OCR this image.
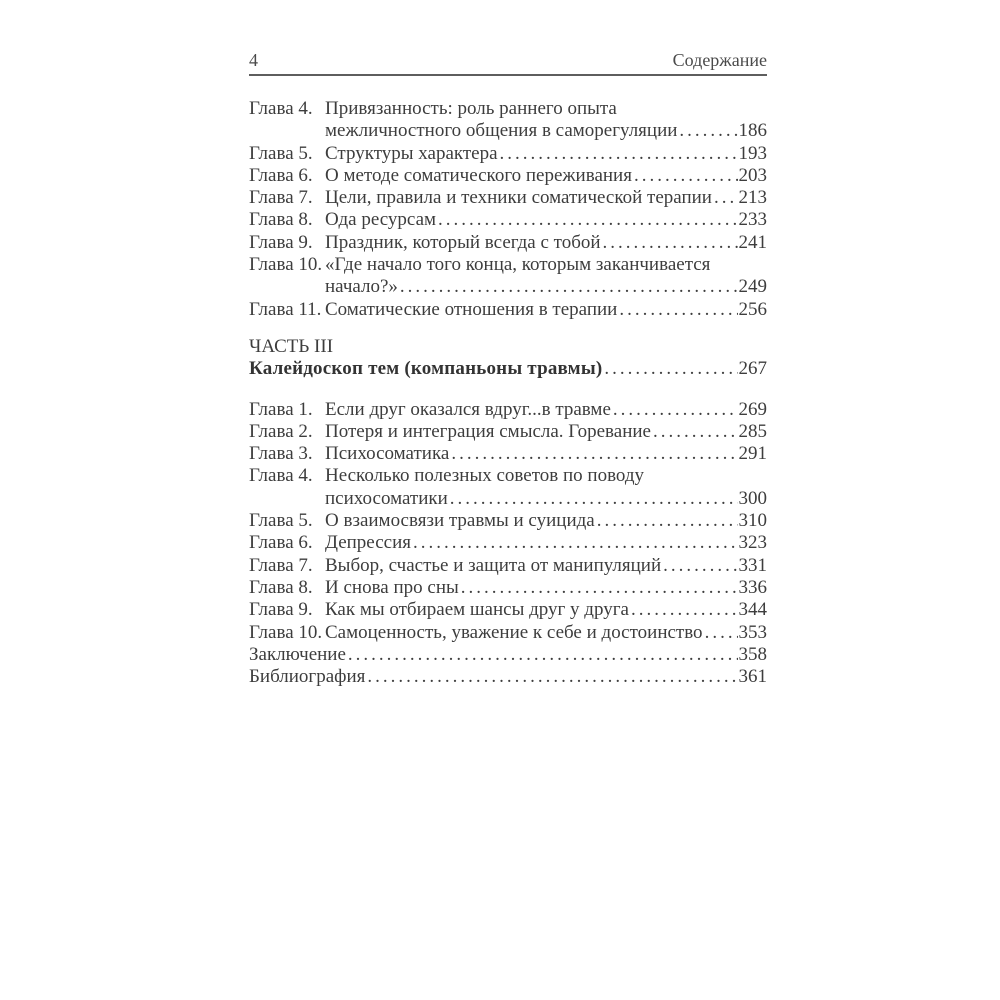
4	Содержание
Глава 4. Привязанность: роль раннего опыта
межличностного общения в саморегуляции .....	186
Глава 5. Структуры характера .....	193
Глава 6. О методе соматического переживания .....	203
Глава 7. Цели, правила и техники соматической терапии ..... 213
Глава 8. Ода ресурсам .....	233
Глава 9. Праздник, который всегда с тобой .....	241
Глава 10. «Где начало того конца, которым заканчивается
начало?» .....	249
Глава 11. Соматические отношения в терапии .....	256
ЧАСТЬ III
Калейдоскоп тем (компаньоны травмы) .....	267
Глава 1. Если друг оказался вдруг...в травме .....	269
Глава 2. Потеря и интеграция смысла. Горевание .....	285
Глава 3. Психосоматика .....	291
Глава 4. Несколько полезных советов по поводу
психосоматики .....	300
Глава 5. О взаимосвязи травмы и суицида .....	310
Глава 6. Депрессия .....	323
Глава 7. Выбор, счастье и защита от манипуляций .....	331
Глава 8. И снова про сны .....	336
Глава 9. Как мы отбираем шансы друг у друга .....	344
Глава 10. Самоценность, уважение к себе и достоинство ..... 353
Заключение .....	358
Библиография .....	361
